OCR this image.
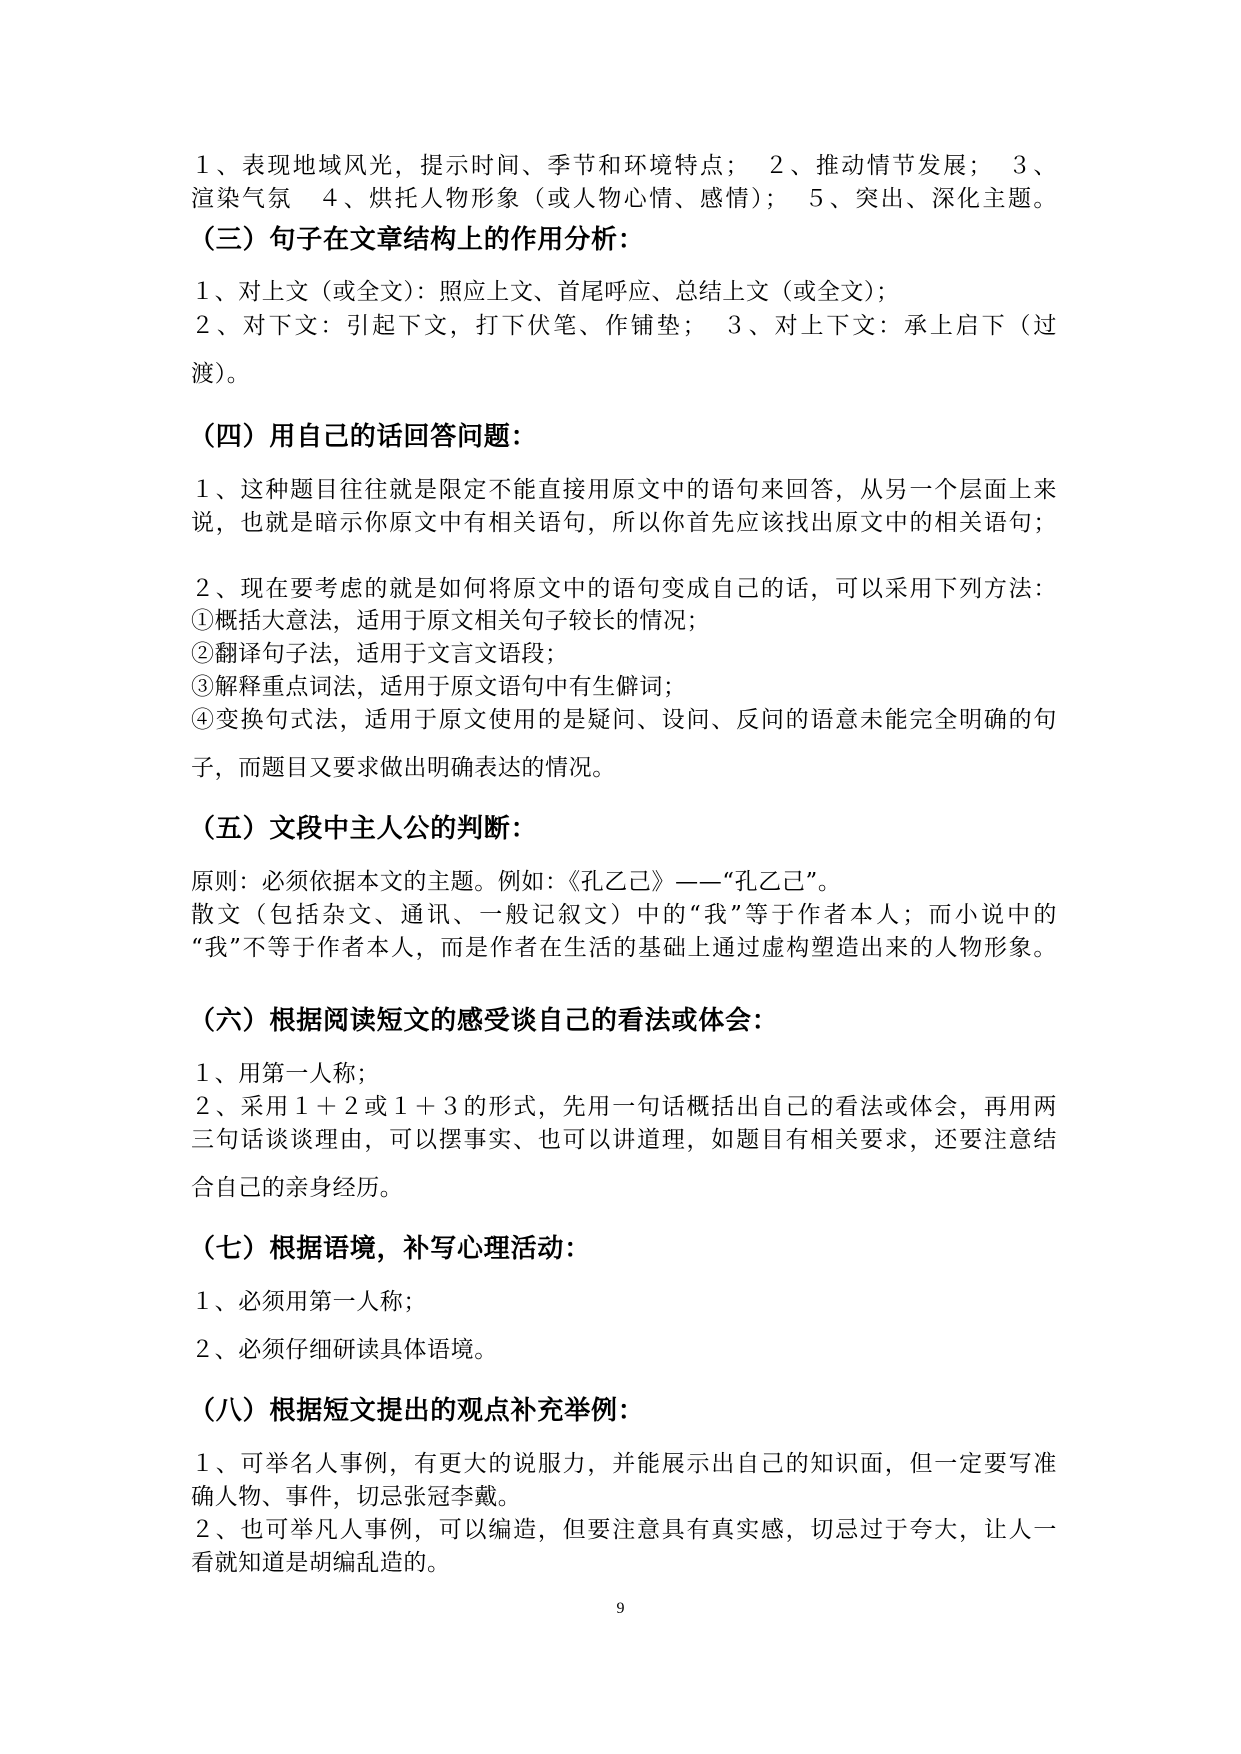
１、表现地域风光，提示时间、季节和环境特点；　２、推动情节发展；　３、
渲染气氛　４、烘托人物形象（或人物心情、感情）；　５、突出、深化主题。
（三）句子在文章结构上的作用分析：
１、对上文（或全文）：照应上文、首尾呼应、总结上文（或全文）；
２、对下文：引起下文，打下伏笔、作铺垫；　３、对上下文：承上启下（过
渡）。
（四）用自己的话回答问题：
１、这种题目往往就是限定不能直接用原文中的语句来回答，从另一个层面上来
说，也就是暗示你原文中有相关语句，所以你首先应该找出原文中的相关语句；
２、现在要考虑的就是如何将原文中的语句变成自己的话，可以采用下列方法：
①概括大意法，适用于原文相关句子较长的情况；
②翻译句子法，适用于文言文语段；
③解释重点词法，适用于原文语句中有生僻词；
④变换句式法，适用于原文使用的是疑问、设问、反问的语意未能完全明确的句
子，而题目又要求做出明确表达的情况。
（五）文段中主人公的判断：
原则：必须依据本文的主题。例如：《孔乙己》——“孔乙己”。
散文（包括杂文、通讯、一般记叙文）中的“我”等于作者本人；而小说中的
“我”不等于作者本人，而是作者在生活的基础上通过虚构塑造出来的人物形象。
（六）根据阅读短文的感受谈自己的看法或体会：
１、用第一人称；
２、采用１＋２或１＋３的形式，先用一句话概括出自己的看法或体会，再用两
三句话谈谈理由，可以摆事实、也可以讲道理，如题目有相关要求，还要注意结
合自己的亲身经历。
（七）根据语境，补写心理活动：
１、必须用第一人称；
２、必须仔细研读具体语境。
（八）根据短文提出的观点补充举例：
１、可举名人事例，有更大的说服力，并能展示出自己的知识面，但一定要写准
确人物、事件，切忌张冠李戴。
２、也可举凡人事例，可以编造，但要注意具有真实感，切忌过于夸大，让人一
看就知道是胡编乱造的。
9
